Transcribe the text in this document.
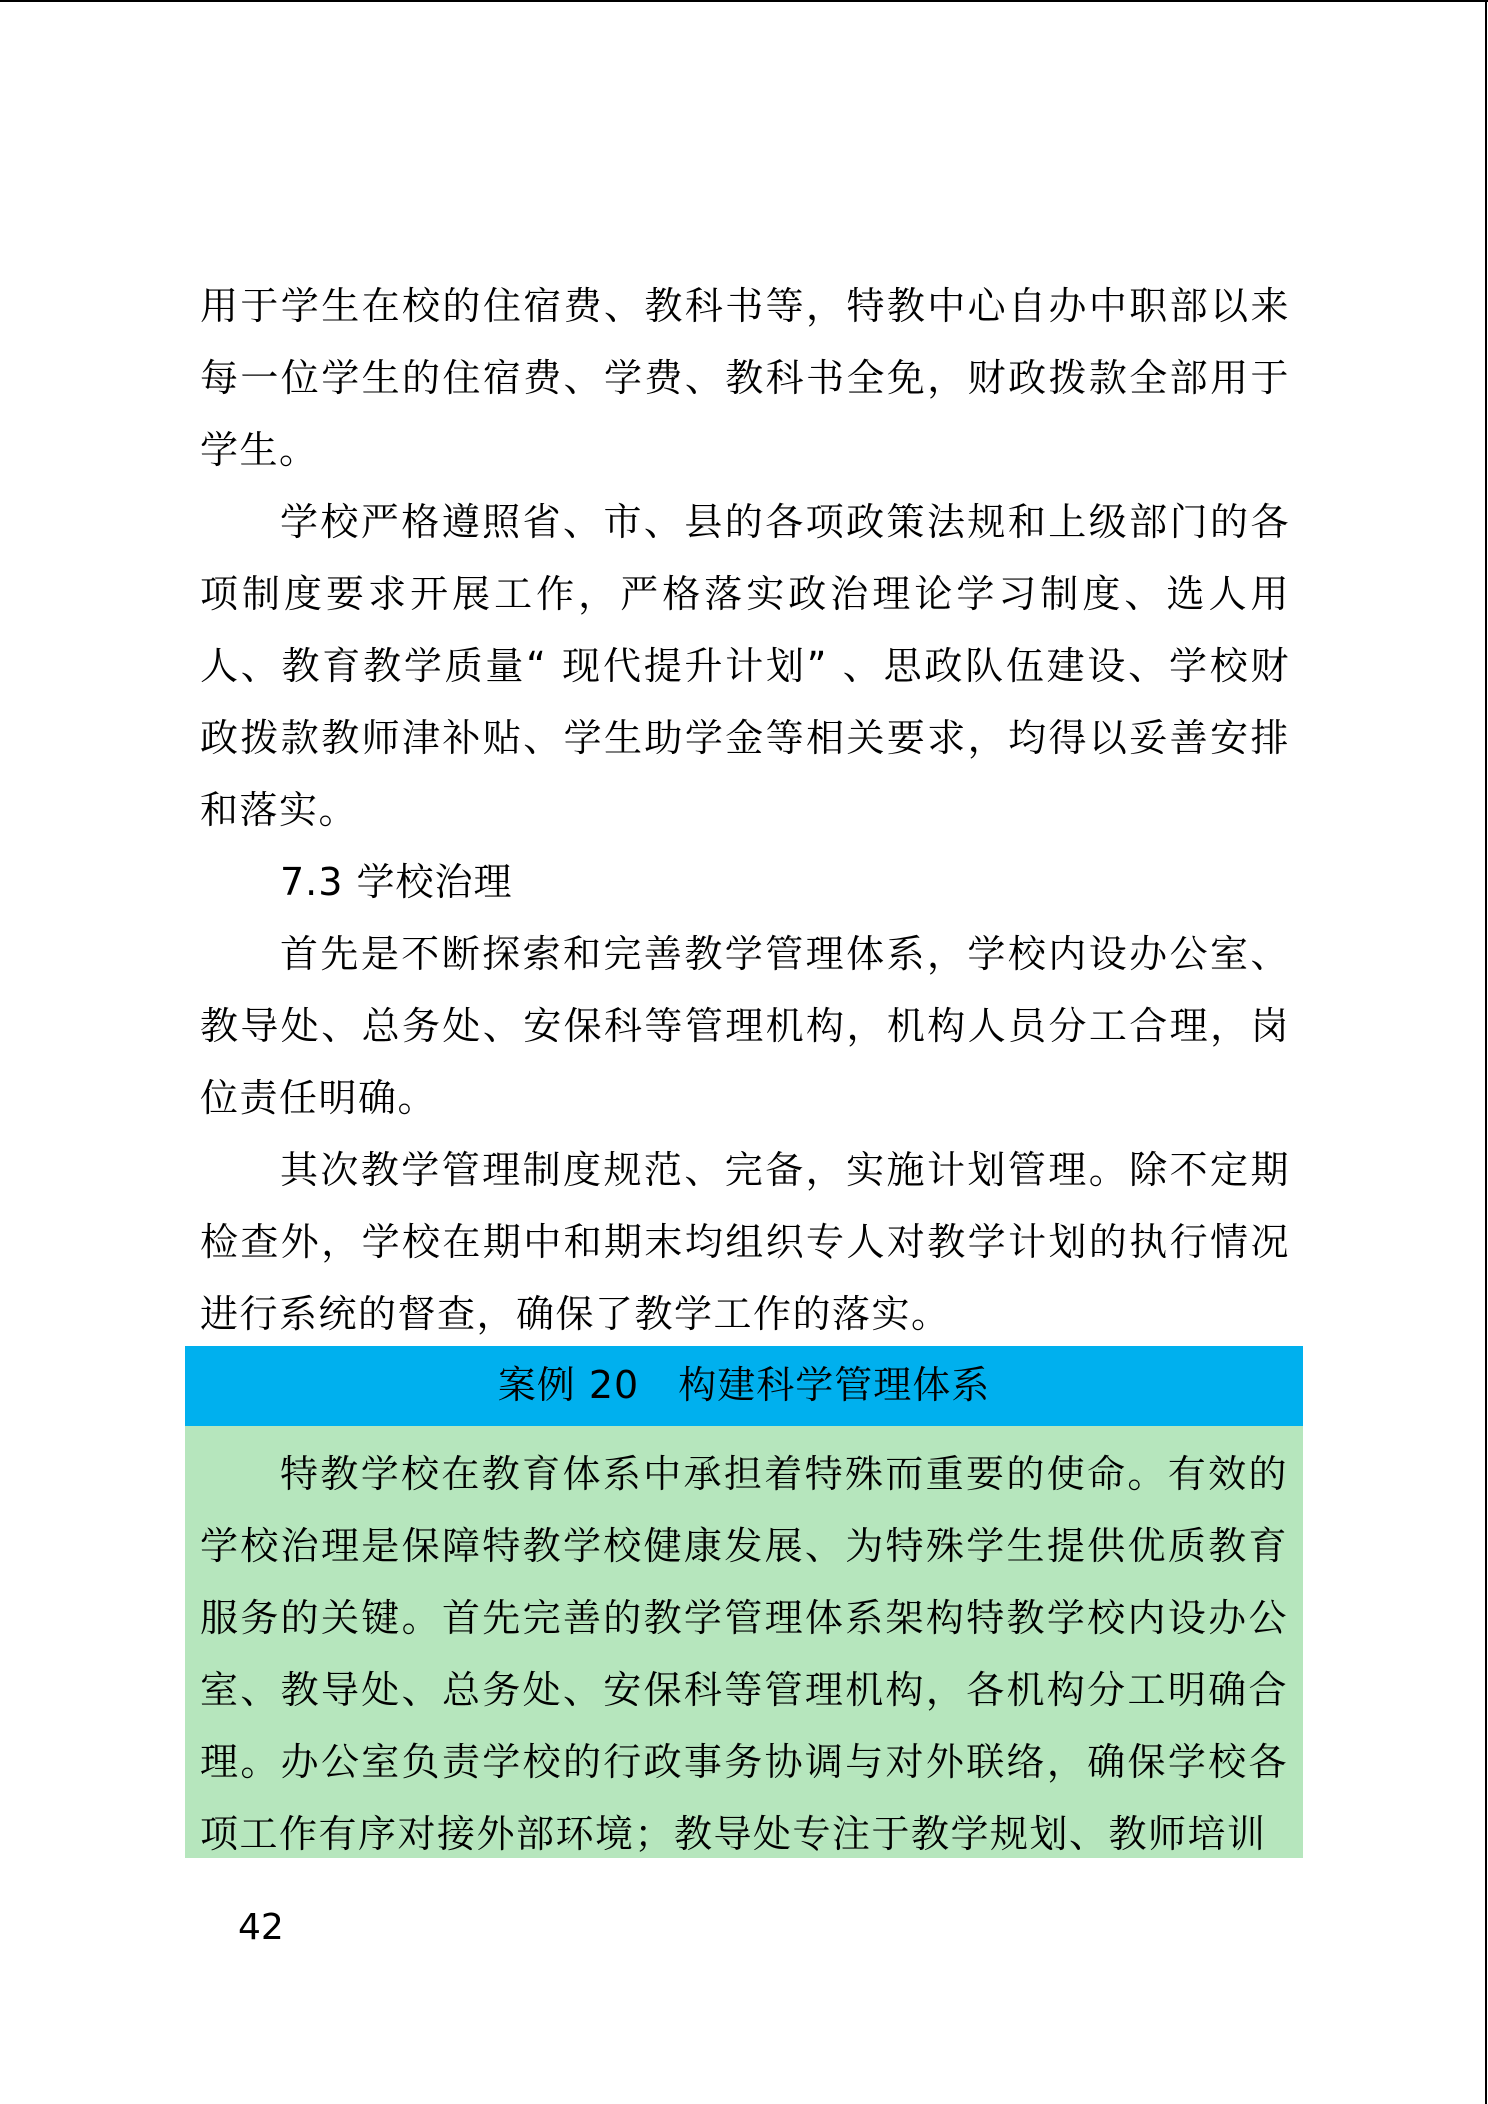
用于学生在校的住宿费、教科书等，特教中心自办中职部以来每一位学生的住宿费、学费、教科书全免，财政拨款全部用于学生。

学校严格遵照省、市、县的各项政策法规和上级部门的各项制度要求开展工作，严格落实政治理论学习制度、选人用人、教育教学质量“ 现代提升计划” 、思政队伍建设、学校财政拨款教师津补贴、学生助学金等相关要求，均得以妥善安排和落实。

7.3 学校治理

首先是不断探索和完善教学管理体系，学校内设办公室、教导处、总务处、安保科等管理机构，机构人员分工合理，岗位责任明确。

其次教学管理制度规范、完备，实施计划管理。除不定期检查外，学校在期中和期末均组织专人对教学计划的执行情况进行系统的督查，确保了教学工作的落实。

案例 20　构建科学管理体系

特教学校在教育体系中承担着特殊而重要的使命。有效的学校治理是保障特教学校健康发展、为特殊学生提供优质教育服务的关键。首先完善的教学管理体系架构特教学校内设办公室、教导处、总务处、安保科等管理机构，各机构分工明确合理。办公室负责学校的行政事务协调与对外联络，确保学校各项工作有序对接外部环境；教导处专注于教学规划、教师培训

42
